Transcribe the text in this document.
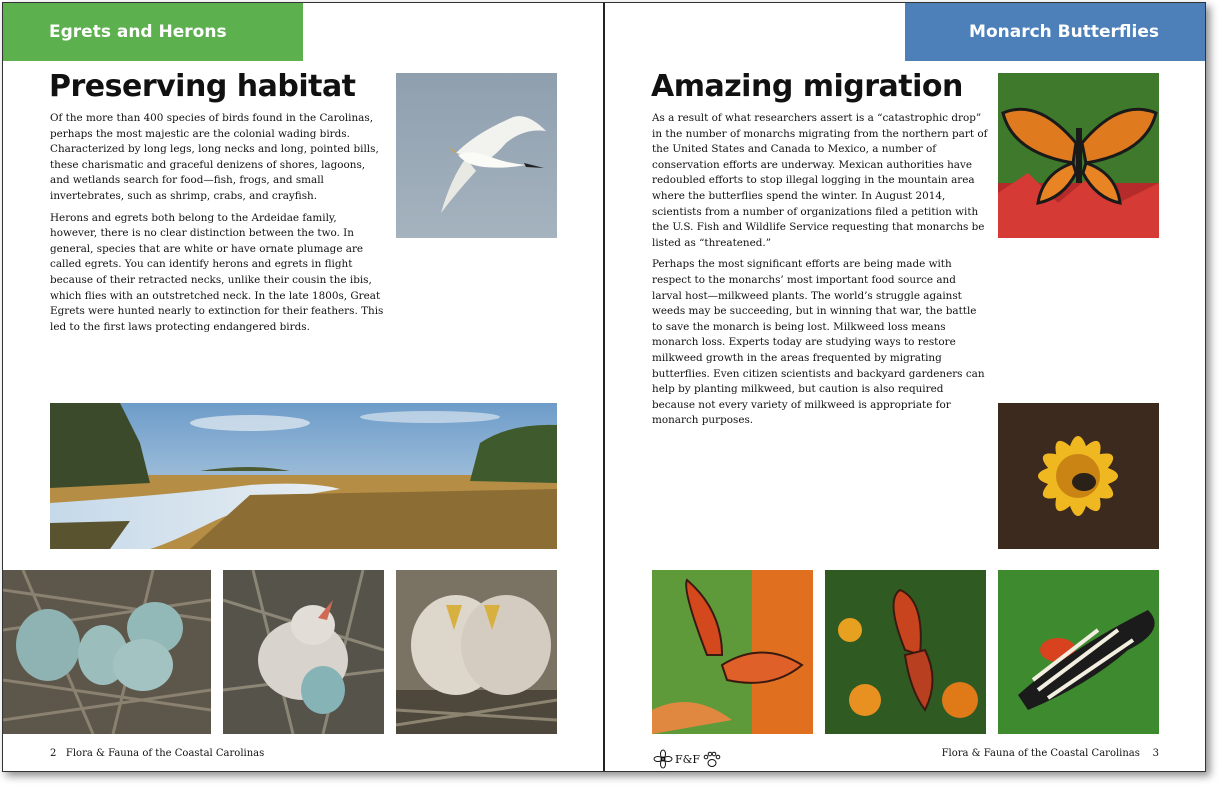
Egrets and Herons
Preserving habitat

Of the more than 400 species of birds found in the Carolinas, perhaps the most majestic are the colonial wading birds. Characterized by long legs, long necks and long, pointed bills, these charismatic and graceful denizens of shores, lagoons, and wetlands search for food—fish, frogs, and small invertebrates, such as shrimp, crabs, and crayfish.

Herons and egrets both belong to the Ardeidae family, however, there is no clear distinction between the two. In general, species that are white or have ornate plumage are called egrets. You can identify herons and egrets in flight because of their retracted necks, unlike their cousin the ibis, which flies with an outstretched neck. In the late 1800s, Great Egrets were hunted nearly to extinction for their feathers. This led to the first laws protecting endangered birds.

2 Flora & Fauna of the Coastal Carolinas
Monarch Butterflies
Amazing migration

As a result of what researchers assert is a “catastrophic drop” in the number of monarchs migrating from the northern part of the United States and Canada to Mexico, a number of conservation efforts are underway. Mexican authorities have redoubled efforts to stop illegal logging in the mountain area where the butterflies spend the winter. In August 2014, scientists from a number of organizations filed a petition with the U.S. Fish and Wildlife Service requesting that monarchs be listed as “threatened.”

Perhaps the most significant efforts are being made with respect to the monarchs’ most important food source and larval host—milkweed plants. The world’s struggle against weeds may be succeeding, but in winning that war, the battle to save the monarch is being lost. Milkweed loss means monarch loss. Experts today are studying ways to restore milkweed growth in the areas frequented by migrating butterflies. Even citizen scientists and backyard gardeners can help by planting milkweed, but caution is also required because not every variety of milkweed is appropriate for monarch purposes.

F&F	Flora & Fauna of the Coastal Carolinas 3
